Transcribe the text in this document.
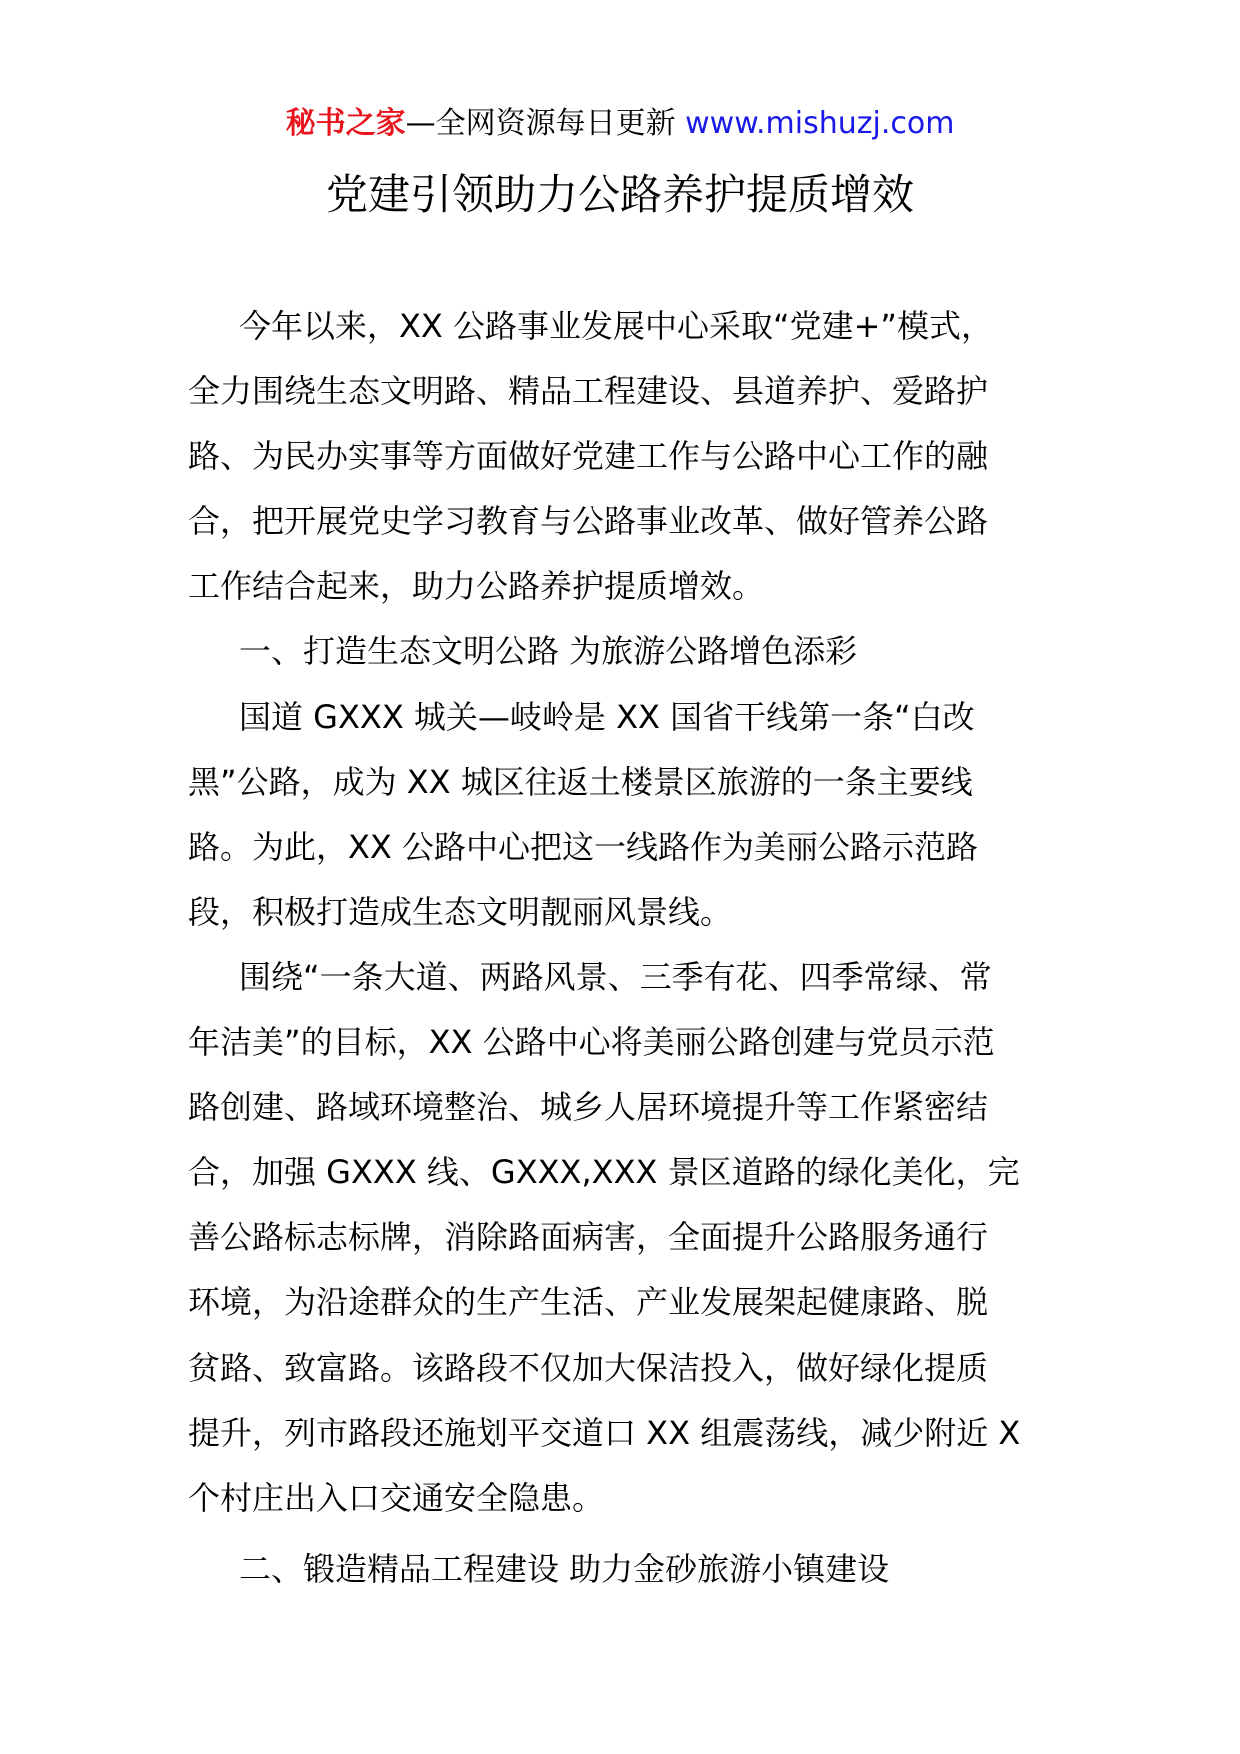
秘书之家—全网资源每日更新 www.mishuzj.com
党建引领助力公路养护提质增效
今年以来，XX 公路事业发展中心采取“党建+”模式，
全力围绕生态文明路、精品工程建设、县道养护、爱路护
路、为民办实事等方面做好党建工作与公路中心工作的融
合，把开展党史学习教育与公路事业改革、做好管养公路
工作结合起来，助力公路养护提质增效。
一、打造生态文明公路 为旅游公路增色添彩
国道 GXXX 城关—岐岭是 XX 国省干线第一条“白改
黑”公路，成为 XX 城区往返土楼景区旅游的一条主要线
路。为此，XX 公路中心把这一线路作为美丽公路示范路
段，积极打造成生态文明靓丽风景线。
围绕“一条大道、两路风景、三季有花、四季常绿、常
年洁美”的目标，XX 公路中心将美丽公路创建与党员示范
路创建、路域环境整治、城乡人居环境提升等工作紧密结
合，加强 GXXX 线、GXXX,XXX 景区道路的绿化美化，完
善公路标志标牌，消除路面病害，全面提升公路服务通行
环境，为沿途群众的生产生活、产业发展架起健康路、脱
贫路、致富路。该路段不仅加大保洁投入，做好绿化提质
提升，列市路段还施划平交道口 XX 组震荡线，减少附近 X
个村庄出入口交通安全隐患。
二、锻造精品工程建设 助力金砂旅游小镇建设
